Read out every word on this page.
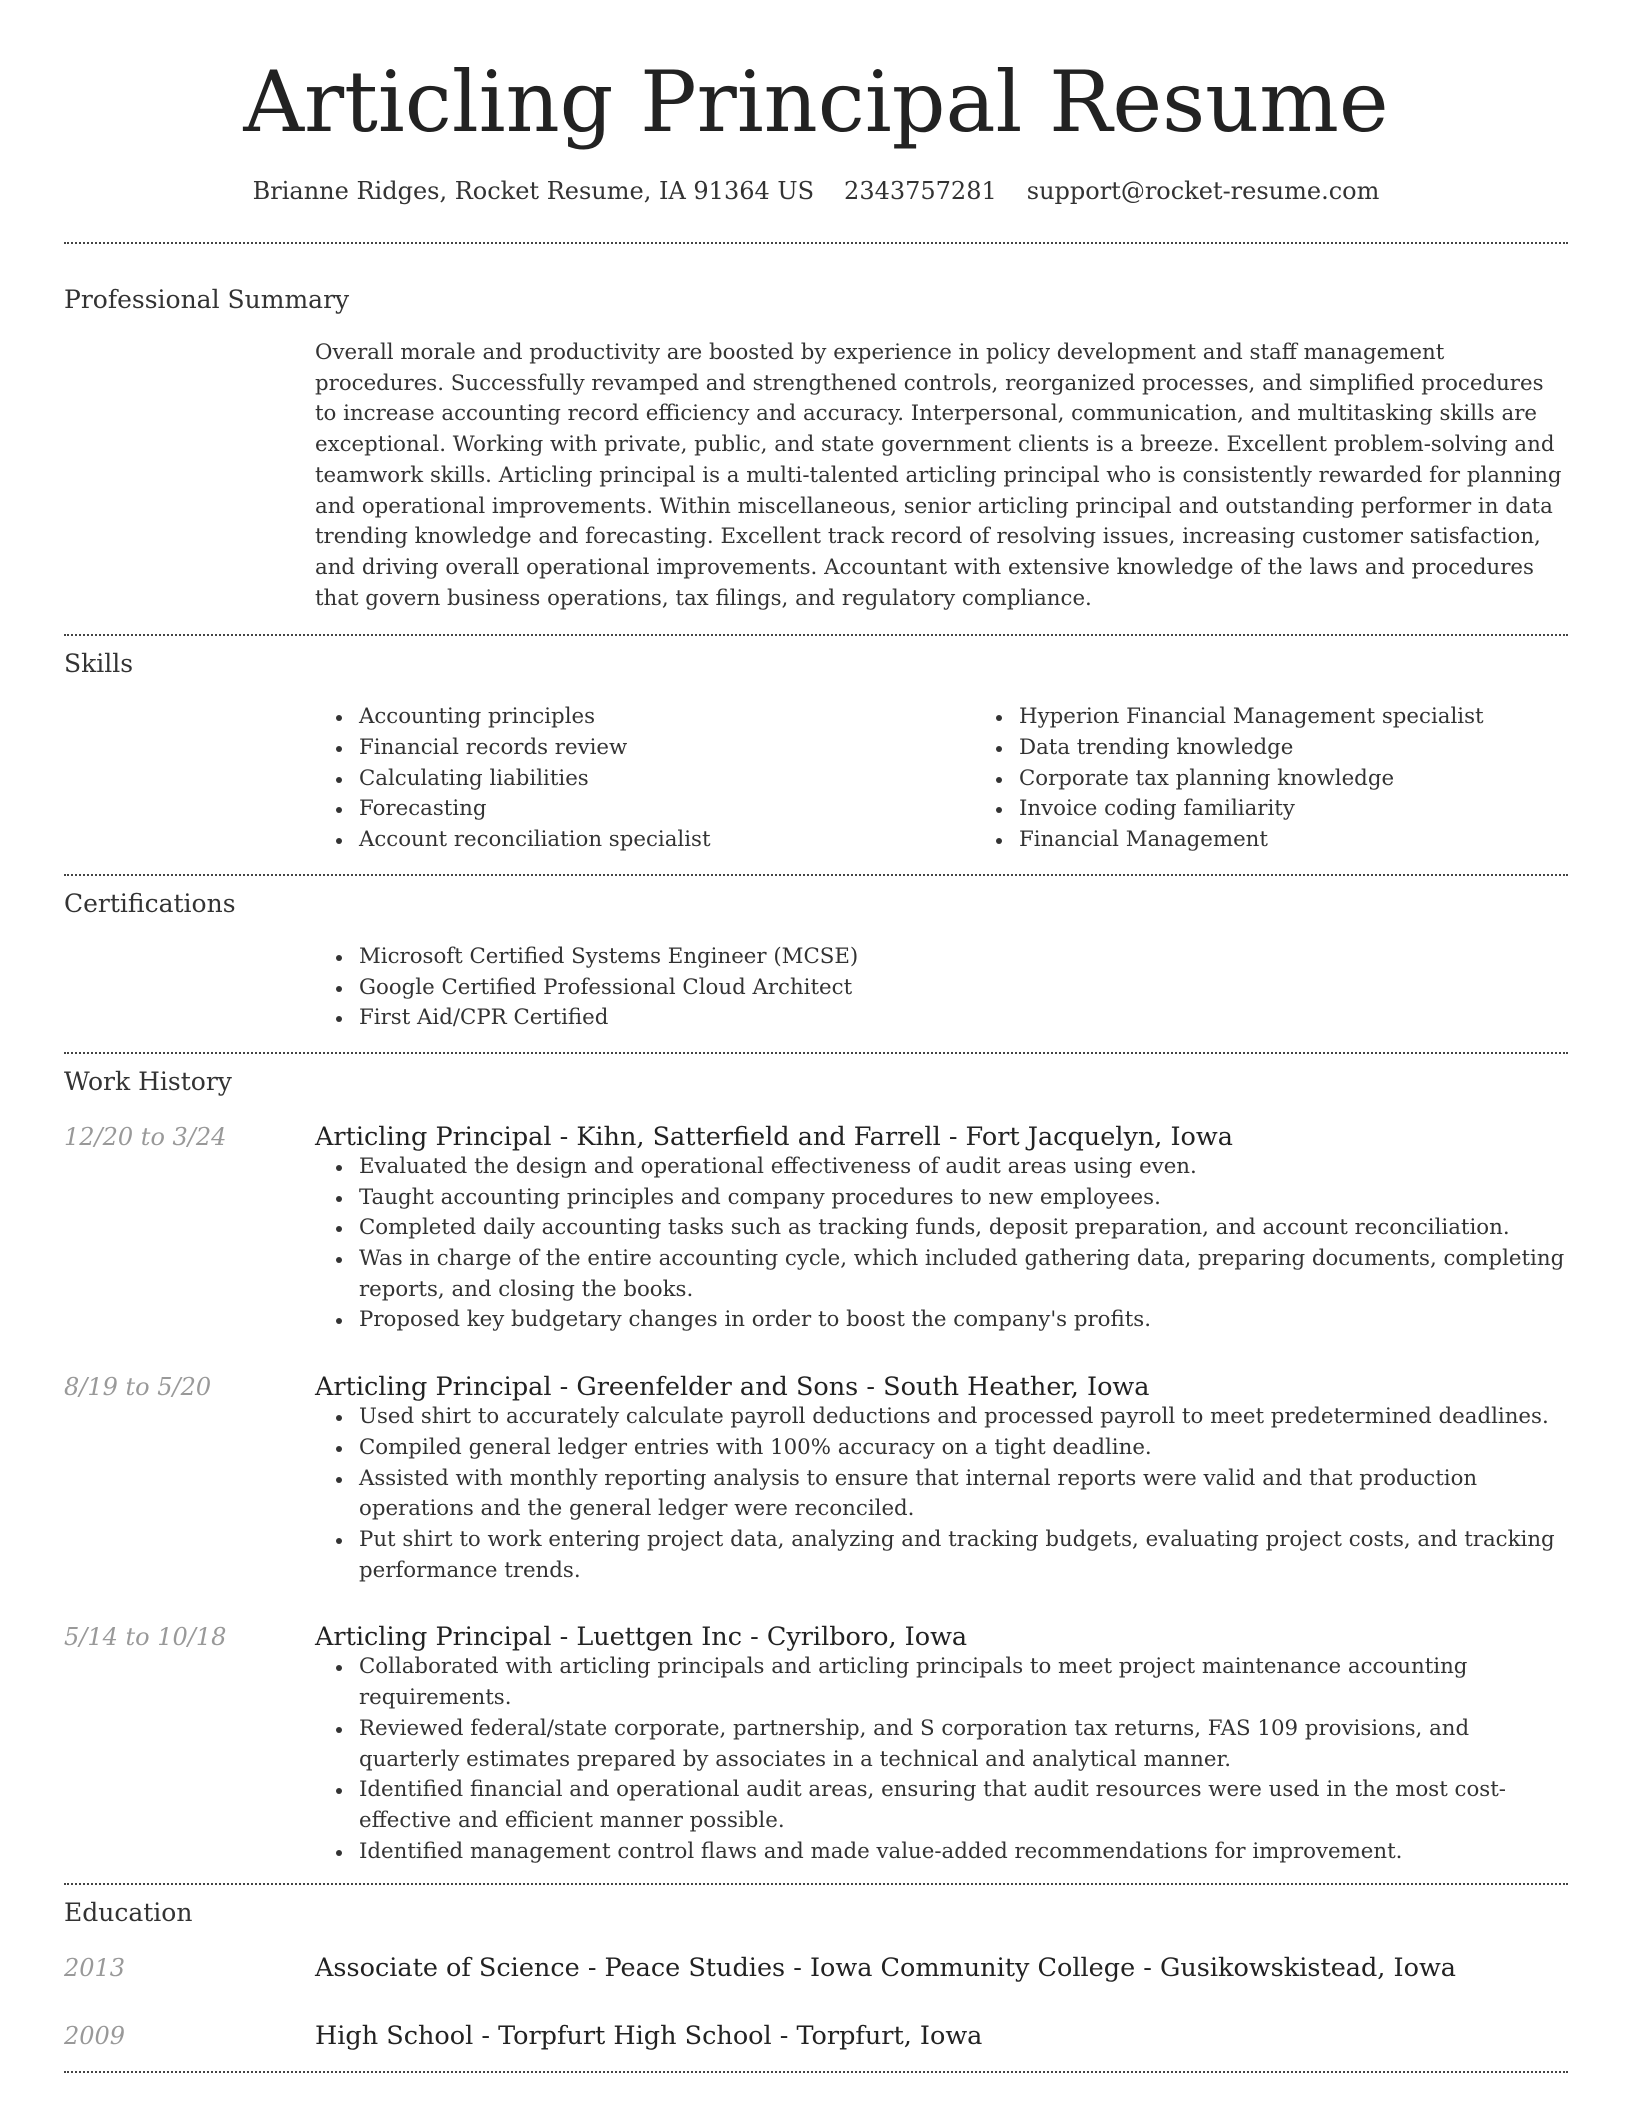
Articling Principal Resume
Brianne Ridges, Rocket Resume, IA 91364 US 2343757281 support@rocket-resume.com
Professional Summary

Overall morale and productivity are boosted by experience in policy development and staff management procedures. Successfully revamped and strengthened controls, reorganized processes, and simplified procedures to increase accounting record efficiency and accuracy. Interpersonal, communication, and multitasking skills are exceptional. Working with private, public, and state government clients is a breeze. Excellent problem-solving and teamwork skills. Articling principal is a multi-talented articling principal who is consistently rewarded for planning and operational improvements. Within miscellaneous, senior articling principal and outstanding performer in data trending knowledge and forecasting. Excellent track record of resolving issues, increasing customer satisfaction, and driving overall operational improvements. Accountant with extensive knowledge of the laws and procedures that govern business operations, tax filings, and regulatory compliance.

Skills
Accounting principles
Financial records review
Calculating liabilities
Forecasting
Account reconciliation specialist
Hyperion Financial Management specialist
Data trending knowledge
Corporate tax planning knowledge
Invoice coding familiarity
Financial Management
Certifications
Microsoft Certified Systems Engineer (MCSE)
Google Certified Professional Cloud Architect
First Aid/CPR Certified
Work History
12/20 to 3/24	Articling Principal - Kihn, Satterfield and Farrell - Fort Jacquelyn, Iowa
Evaluated the design and operational effectiveness of audit areas using even.
Taught accounting principles and company procedures to new employees.
Completed daily accounting tasks such as tracking funds, deposit preparation, and account reconciliation.
Was in charge of the entire accounting cycle, which included gathering data, preparing documents, completing reports, and closing the books.
Proposed key budgetary changes in order to boost the company's profits.
8/19 to 5/20	Articling Principal - Greenfelder and Sons - South Heather, Iowa
Used shirt to accurately calculate payroll deductions and processed payroll to meet predetermined deadlines.
Compiled general ledger entries with 100% accuracy on a tight deadline.
Assisted with monthly reporting analysis to ensure that internal reports were valid and that production operations and the general ledger were reconciled.
Put shirt to work entering project data, analyzing and tracking budgets, evaluating project costs, and tracking performance trends.
5/14 to 10/18	Articling Principal - Luettgen Inc - Cyrilboro, Iowa
Collaborated with articling principals and articling principals to meet project maintenance accounting requirements.
Reviewed federal/state corporate, partnership, and S corporation tax returns, FAS 109 provisions, and quarterly estimates prepared by associates in a technical and analytical manner.
Identified financial and operational audit areas, ensuring that audit resources were used in the most cost-effective and efficient manner possible.
Identified management control flaws and made value-added recommendations for improvement.
Education
2013	Associate of Science - Peace Studies - Iowa Community College - Gusikowskistead, Iowa
2009	High School - Torpfurt High School - Torpfurt, Iowa
